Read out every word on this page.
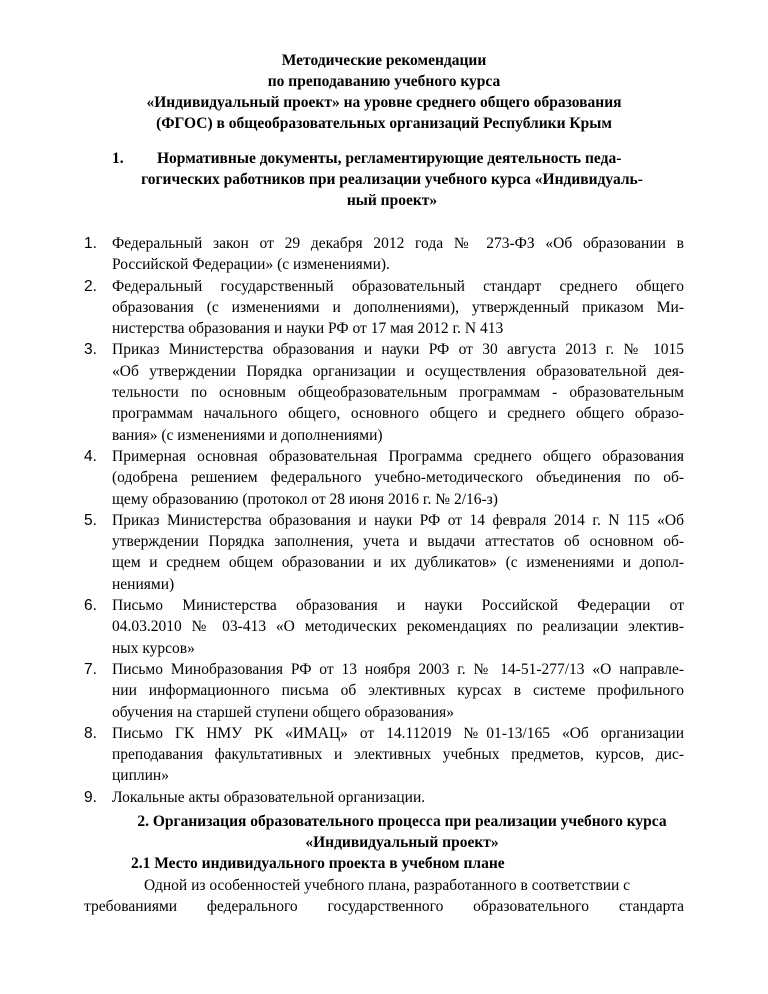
Методические рекомендации
по преподаванию учебного курса
«Индивидуальный проект» на уровне среднего общего образования
(ФГОС) в общеобразовательных организаций Республики Крым
1. Нормативные документы, регламентирующие деятельность педа-
гогических работников при реализации учебного курса «Индивидуаль-
ный проект»
1. Федеральный закон от 29 декабря 2012 года № 273-ФЗ «Об образовании в
Российской Федерации» (с изменениями).
2. Федеральный государственный образовательный стандарт среднего общего
образования (с изменениями и дополнениями), утвержденный приказом Ми-
нистерства образования и науки РФ от 17 мая 2012 г. N 413
3. Приказ Министерства образования и науки РФ от 30 августа 2013 г. № 1015
«Об утверждении Порядка организации и осуществления образовательной дея-
тельности по основным общеобразовательным программам - образовательным
программам начального общего, основного общего и среднего общего образо-
вания» (с изменениями и дополнениями)
4. Примерная основная образовательная Программа среднего общего образования
(одобрена решением федерального учебно-методического объединения по об-
щему образованию (протокол от 28 июня 2016 г. № 2/16-з)
5. Приказ Министерства образования и науки РФ от 14 февраля 2014 г. N 115 «Об
утверждении Порядка заполнения, учета и выдачи аттестатов об основном об-
щем и среднем общем образовании и их дубликатов» (с изменениями и допол-
нениями)
6. Письмо Министерства образования и науки Российской Федерации от
04.03.2010 № 03-413 «О методических рекомендациях по реализации электив-
ных курсов»
7. Письмо Минобразования РФ от 13 ноября 2003 г. № 14-51-277/13 «О направле-
нии информационного письма об элективных курсах в системе профильного
обучения на старшей ступени общего образования»
8. Письмо ГК НМУ РК «ИМАЦ» от 14.112019 №01-13/165 «Об организации
преподавания факультативных и элективных учебных предметов, курсов, дис-
циплин»
9. Локальные акты образовательной организации.
2. Организация образовательного процесса при реализации учебного курса
«Индивидуальный проект»
2.1 Место индивидуального проекта в учебном плане
Одной из особенностей учебного плана, разработанного в соответствии с
требованиями федерального государственного образовательного стандарта
